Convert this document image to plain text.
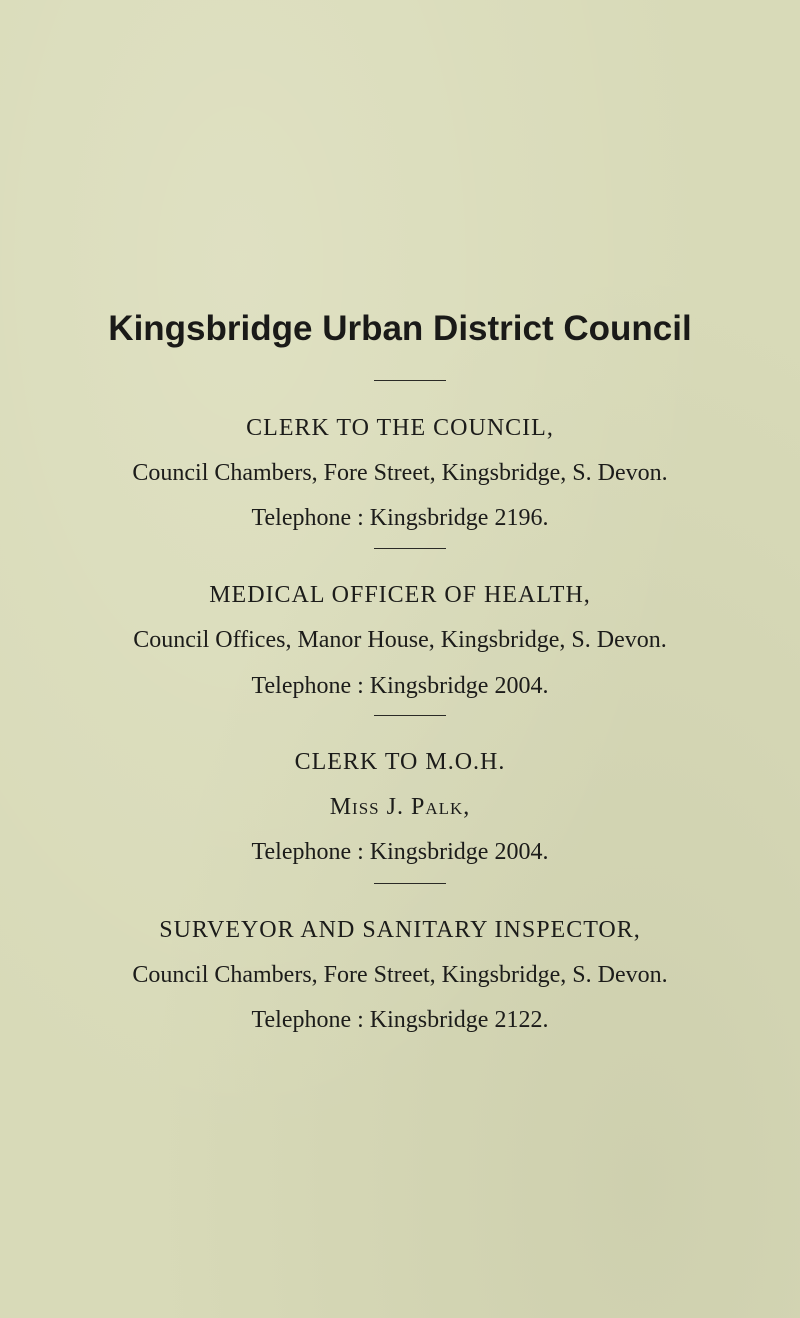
Kingsbridge Urban District Council
CLERK TO THE COUNCIL,
Council Chambers, Fore Street, Kingsbridge, S. Devon.
Telephone : Kingsbridge 2196.
MEDICAL OFFICER OF HEALTH,
Council Offices, Manor House, Kingsbridge, S. Devon.
Telephone : Kingsbridge 2004.
CLERK TO M.O.H.
Miss J. Palk,
Telephone : Kingsbridge 2004.
SURVEYOR AND SANITARY INSPECTOR,
Council Chambers, Fore Street, Kingsbridge, S. Devon.
Telephone : Kingsbridge 2122.
